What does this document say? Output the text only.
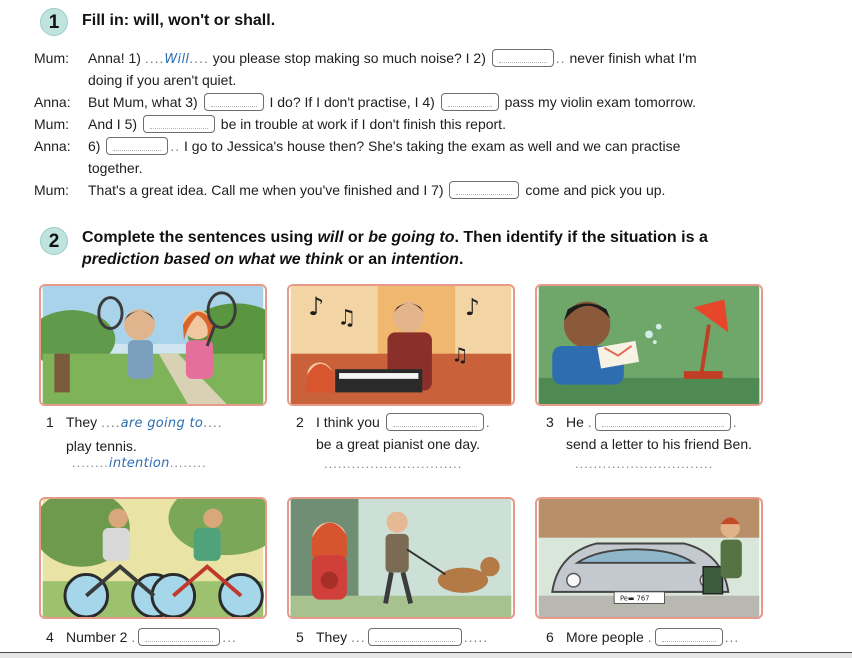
1	Fill in: will, won't or shall.
Mum:	Anna! 1) ....Will.... you please stop making so much noise? I 2)	.. never finish what I'm
doing if you aren't quiet.
Anna:	But Mum, what 3)	I do? If I don't practise, I 4)	pass my violin exam tomorrow.
Mum:	And I 5)	be in trouble at work if I don't finish this report.
Anna:	6)	.. I go to Jessica's house then? She's taking the exam as well and we can practise
together.
Mum:	That's a great idea. Call me when you've finished and I 7)	come and pick you up.
2	Complete the sentences using will or be going to. Then identify if the situation is a
prediction based on what we think or an intention.
♪ ♫	♪
♫
1 They ....are going to....
play tennis.
........intention........
2 I think you	.
be a great pianist one day.
..............................
3 He .	.
send a letter to his friend Ben.
..............................
Pe▬ 767
4 Number 2 .	...	5 They ...	.....	6 More people .	...
